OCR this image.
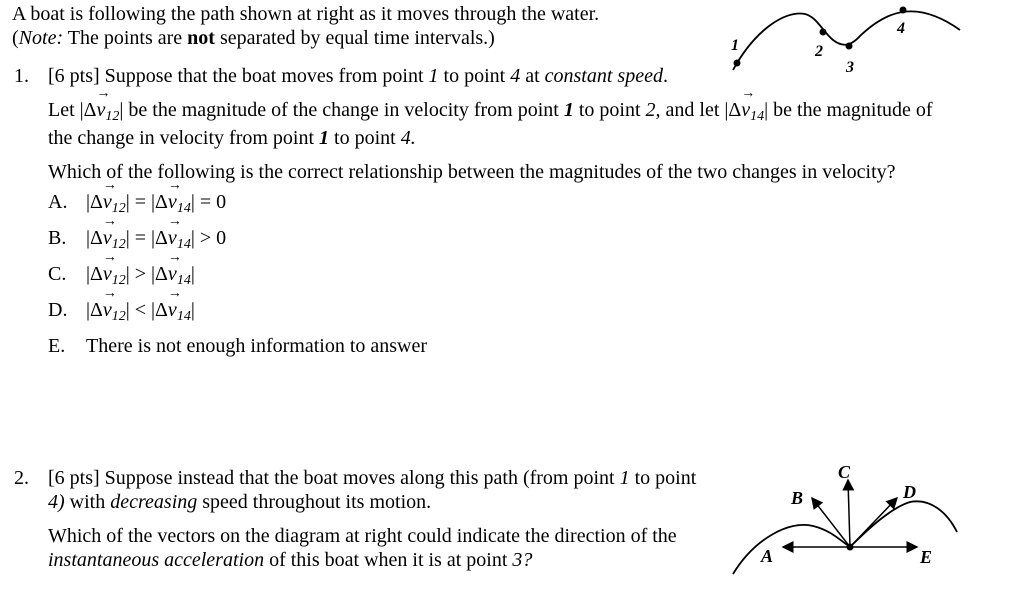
A boat is following the path shown at right as it moves through the water.
(Note: The points are not separated by equal time intervals.)	1	2
3
4
1. [6 pts] Suppose that the boat moves from point 1 to point 4 at constant speed.
Let $|\Delta\to v_{12}|$ be the magnitude of the change in velocity from point 1 to point 2, and let $|\Delta\to v_{14}|$ be the magnitude of the change in velocity from point 1 to point 4.
Which of the following is the correct relationship between the magnitudes of the two changes in velocity?
A. $|\Delta\to v_{12}| = |\Delta\to v_{14}| = 0$
B. $|\Delta\to v_{12}| = |\Delta\to v_{14}| > 0$
C. $|\Delta\to v_{12}| > |\Delta\to v_{14}|$
D. $|\Delta\to v_{12}| < |\Delta\to v_{14}|$
E.	There is not enough information to answer
2. [6 pts] Suppose instead that the boat moves along this path (from point 1 to point 4) with decreasing speed throughout its motion.
Which of the vectors on the diagram at right could indicate the direction of the instantaneous acceleration of this boat when it is at point 3?	A
B
C
D
E
